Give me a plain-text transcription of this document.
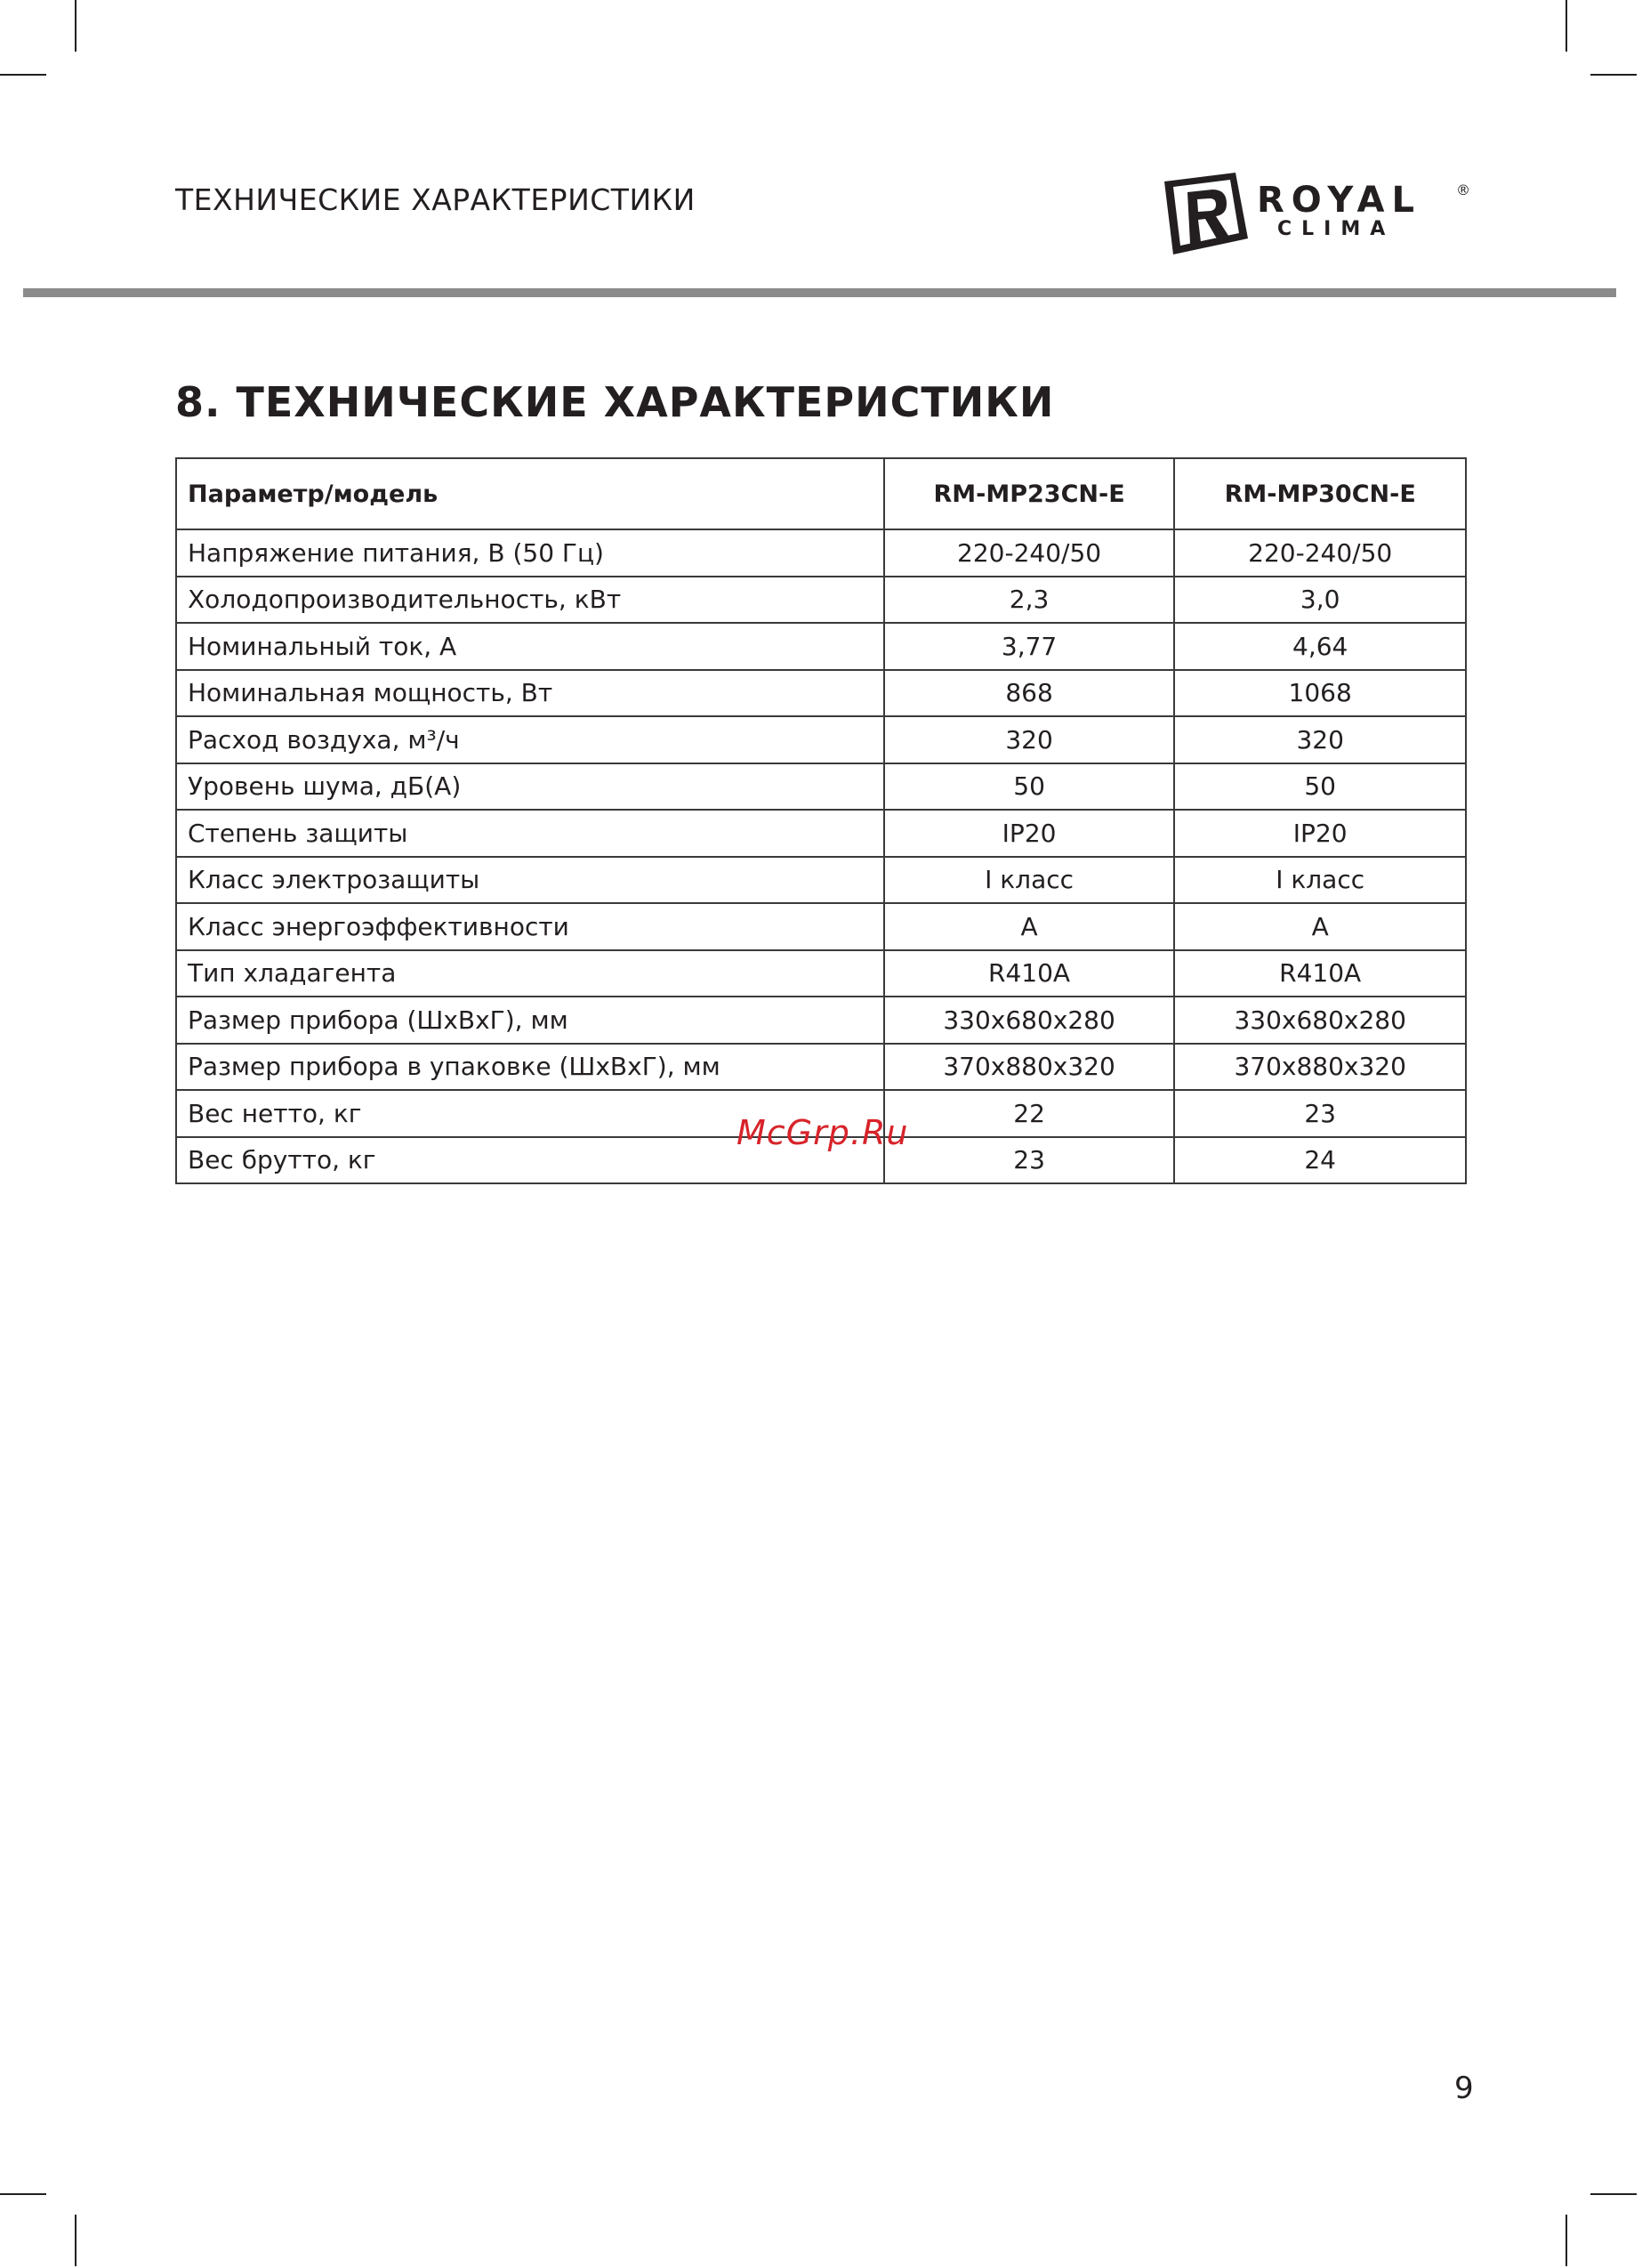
ТЕХНИЧЕСКИЕ ХАРАКТЕРИСТИКИ	ROYAL ®
CLIMA
8. ТЕХНИЧЕСКИЕ ХАРАКТЕРИСТИКИ
Параметр/модель	RM-MP23CN-E	RM-MP30CN-E
Напряжение питания, В (50 Гц)	220-240/50	220-240/50
Холодопроизводительность, кВт	2,3	3,0
Номинальный ток, А	3,77	4,64
Номинальная мощность, Вт	868	1068
Расход воздуха, м³/ч	320	320
Уровень шума, дБ(А)	50	50
Степень защиты	IP20	IP20
Класс электрозащиты	I класс	I класс
Класс энергоэффективности	A	A
Тип хладагента	R410A	R410A
Размер прибора (ШхВхГ), мм	330x680x280	330x680x280
Размер прибора в упаковке (ШхВхГ), мм	370x880x320	370x880x320
Вес нетто, кг	22	23
Вес брутто, кг	23	24
McGrp.Ru
9
